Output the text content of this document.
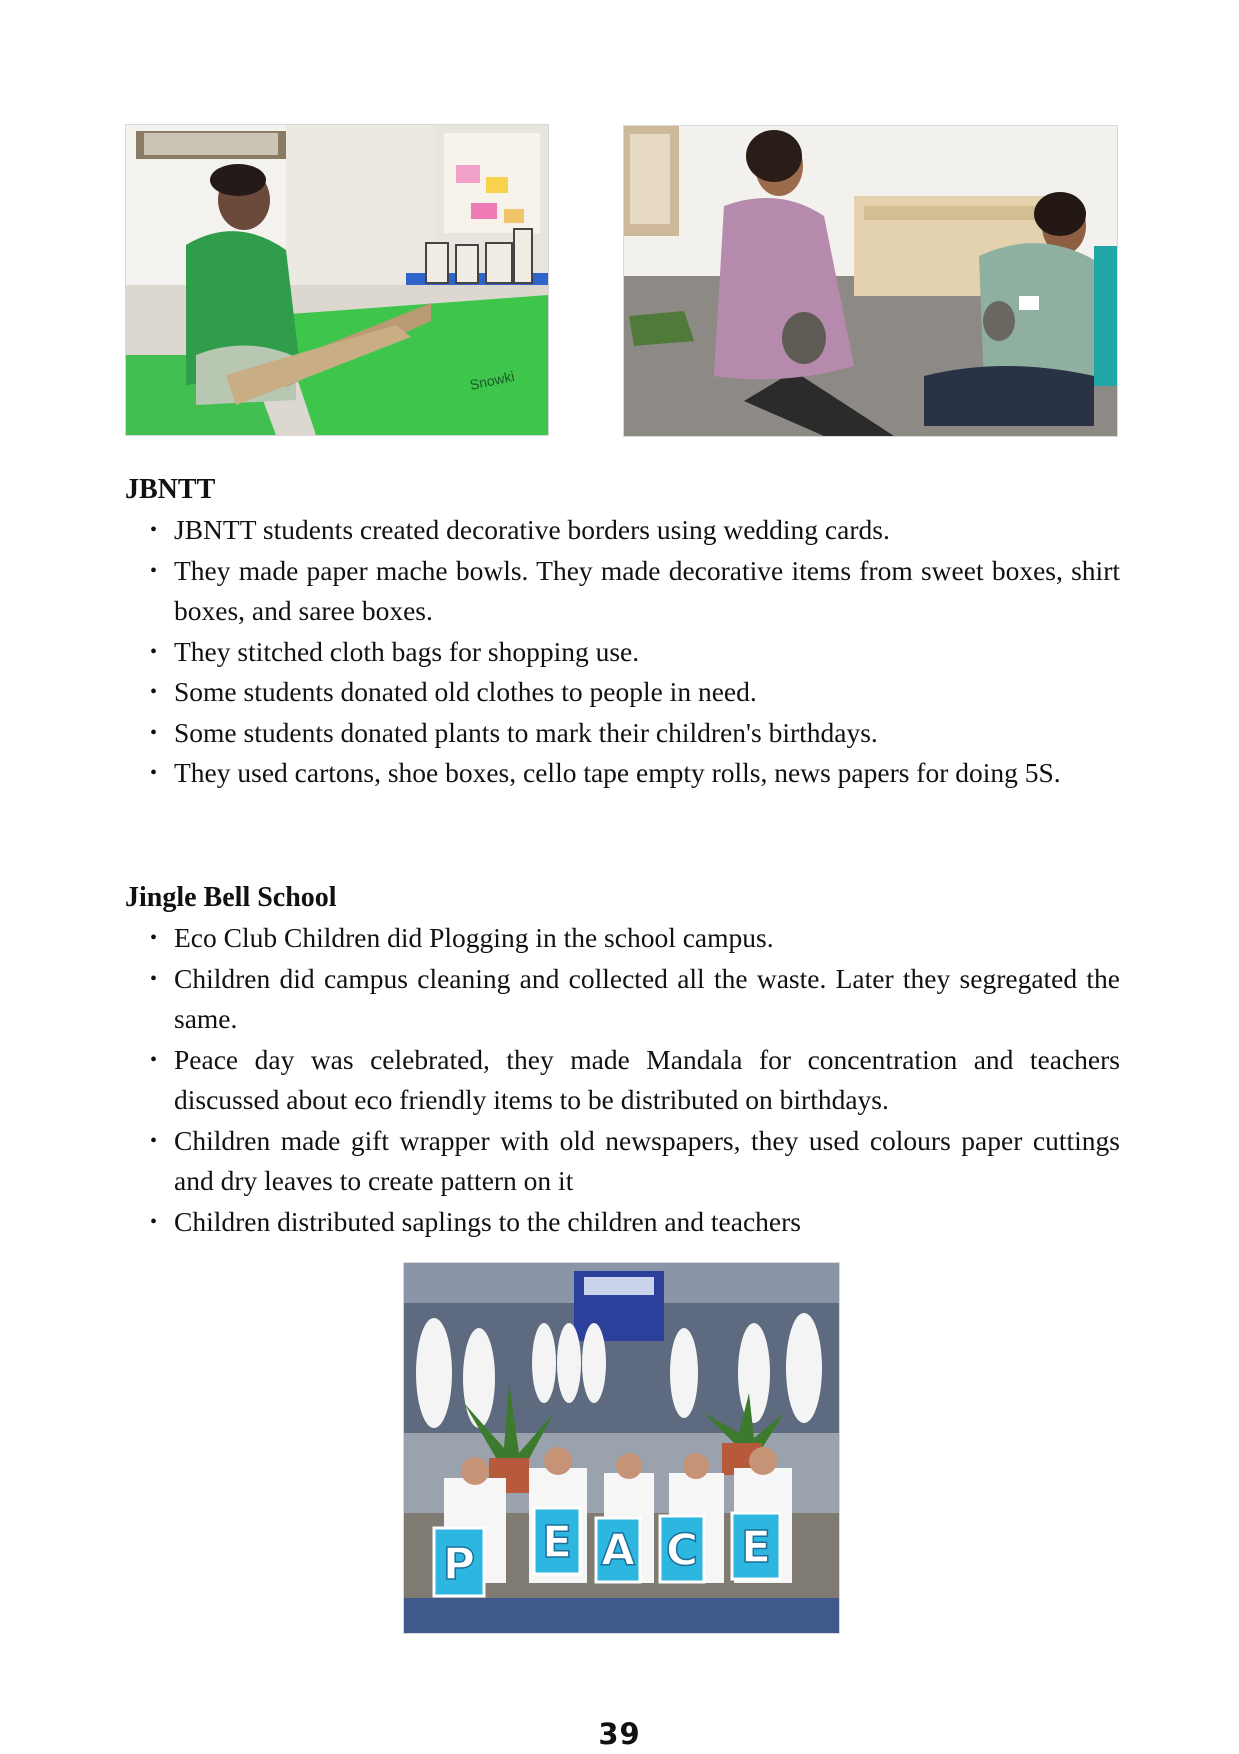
Snowki
JBNTT
• JBNTT students created decorative borders using wedding cards.
• They made paper mache bowls. They made decorative items from sweet boxes, shirt boxes, and saree boxes.
• They stitched cloth bags for shopping use.
• Some students donated old clothes to people in need.
• Some students donated plants to mark their children's birthdays.
• They used cartons, shoe boxes, cello tape empty rolls, news papers for doing 5S.
Jingle Bell School
• Eco Club Children did Plogging in the school campus.
• Children did campus cleaning and collected all the waste. Later they segregated the same.
• Peace day was celebrated, they made Mandala for concentration and teachers discussed about eco friendly items to be distributed on birthdays.
• Children made gift wrapper with old newspapers, they used colours paper cuttings and dry leaves to create pattern on it
• Children distributed saplings to the children and teachers
P E A C E
39
